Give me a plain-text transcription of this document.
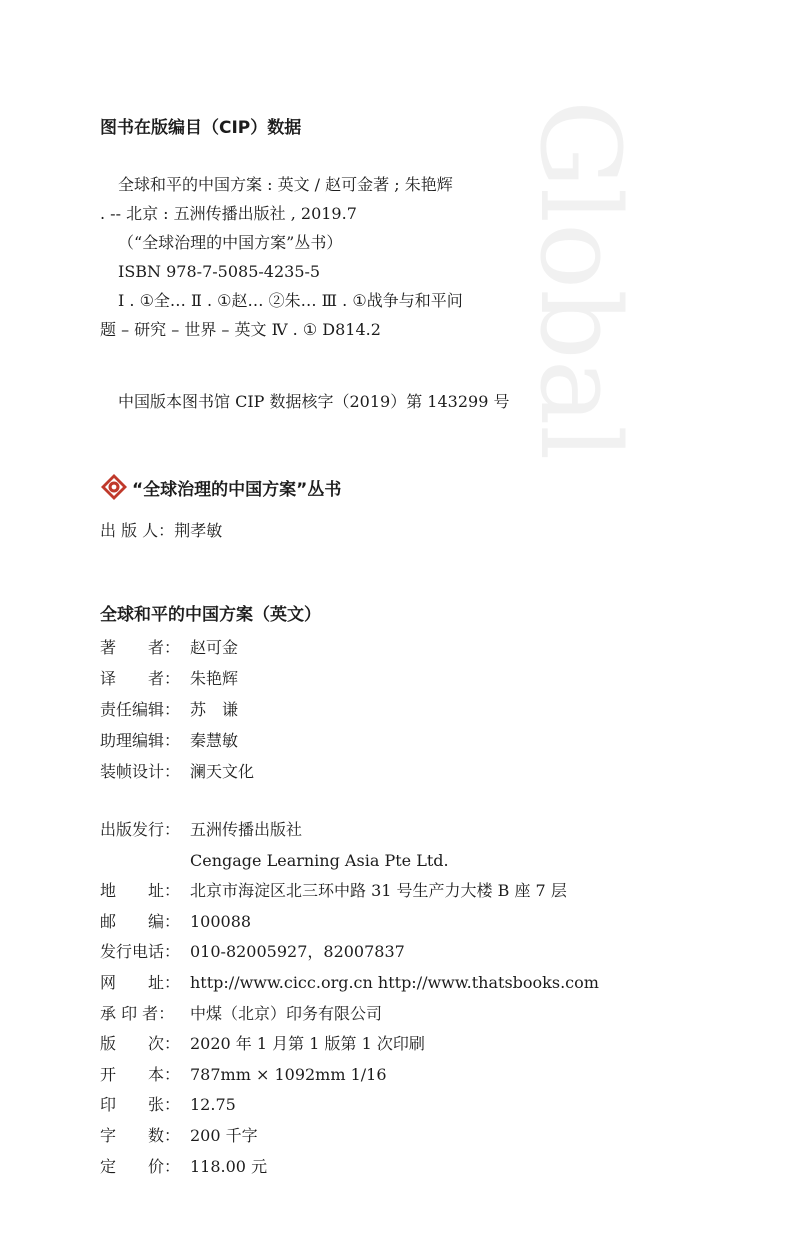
Global
图书在版编目（CIP）数据
全球和平的中国方案 : 英文 / 赵可金著 ; 朱艳辉
. -- 北京 : 五洲传播出版社 , 2019.7
（“全球治理的中国方案”丛书）
ISBN 978-7-5085-4235-5
Ⅰ . ①全… Ⅱ . ①赵… ②朱… Ⅲ . ①战争与和平问
题 – 研究 – 世界 – 英文 Ⅳ . ① D814.2
中国版本图书馆 CIP 数据核字（2019）第 143299 号
“全球治理的中国方案”丛书
出 版 人： 荆孝敏
全球和平的中国方案（英文）
著　　者： 赵可金
译　　者： 朱艳辉
责任编辑： 苏　谦
助理编辑： 秦慧敏
装帧设计： 澜天文化
出版发行： 五洲传播出版社
Cengage Learning Asia Pte Ltd.
地　　址： 北京市海淀区北三环中路 31 号生产力大楼 B 座 7 层
邮　　编： 100088
发行电话： 010-82005927，82007837
网　　址： http://www.cicc.org.cn http://www.thatsbooks.com
承 印 者： 中煤（北京）印务有限公司
版　　次： 2020 年 1 月第 1 版第 1 次印刷
开　　本： 787mm × 1092mm 1/16
印　　张： 12.75
字　　数： 200 千字
定　　价： 118.00 元
